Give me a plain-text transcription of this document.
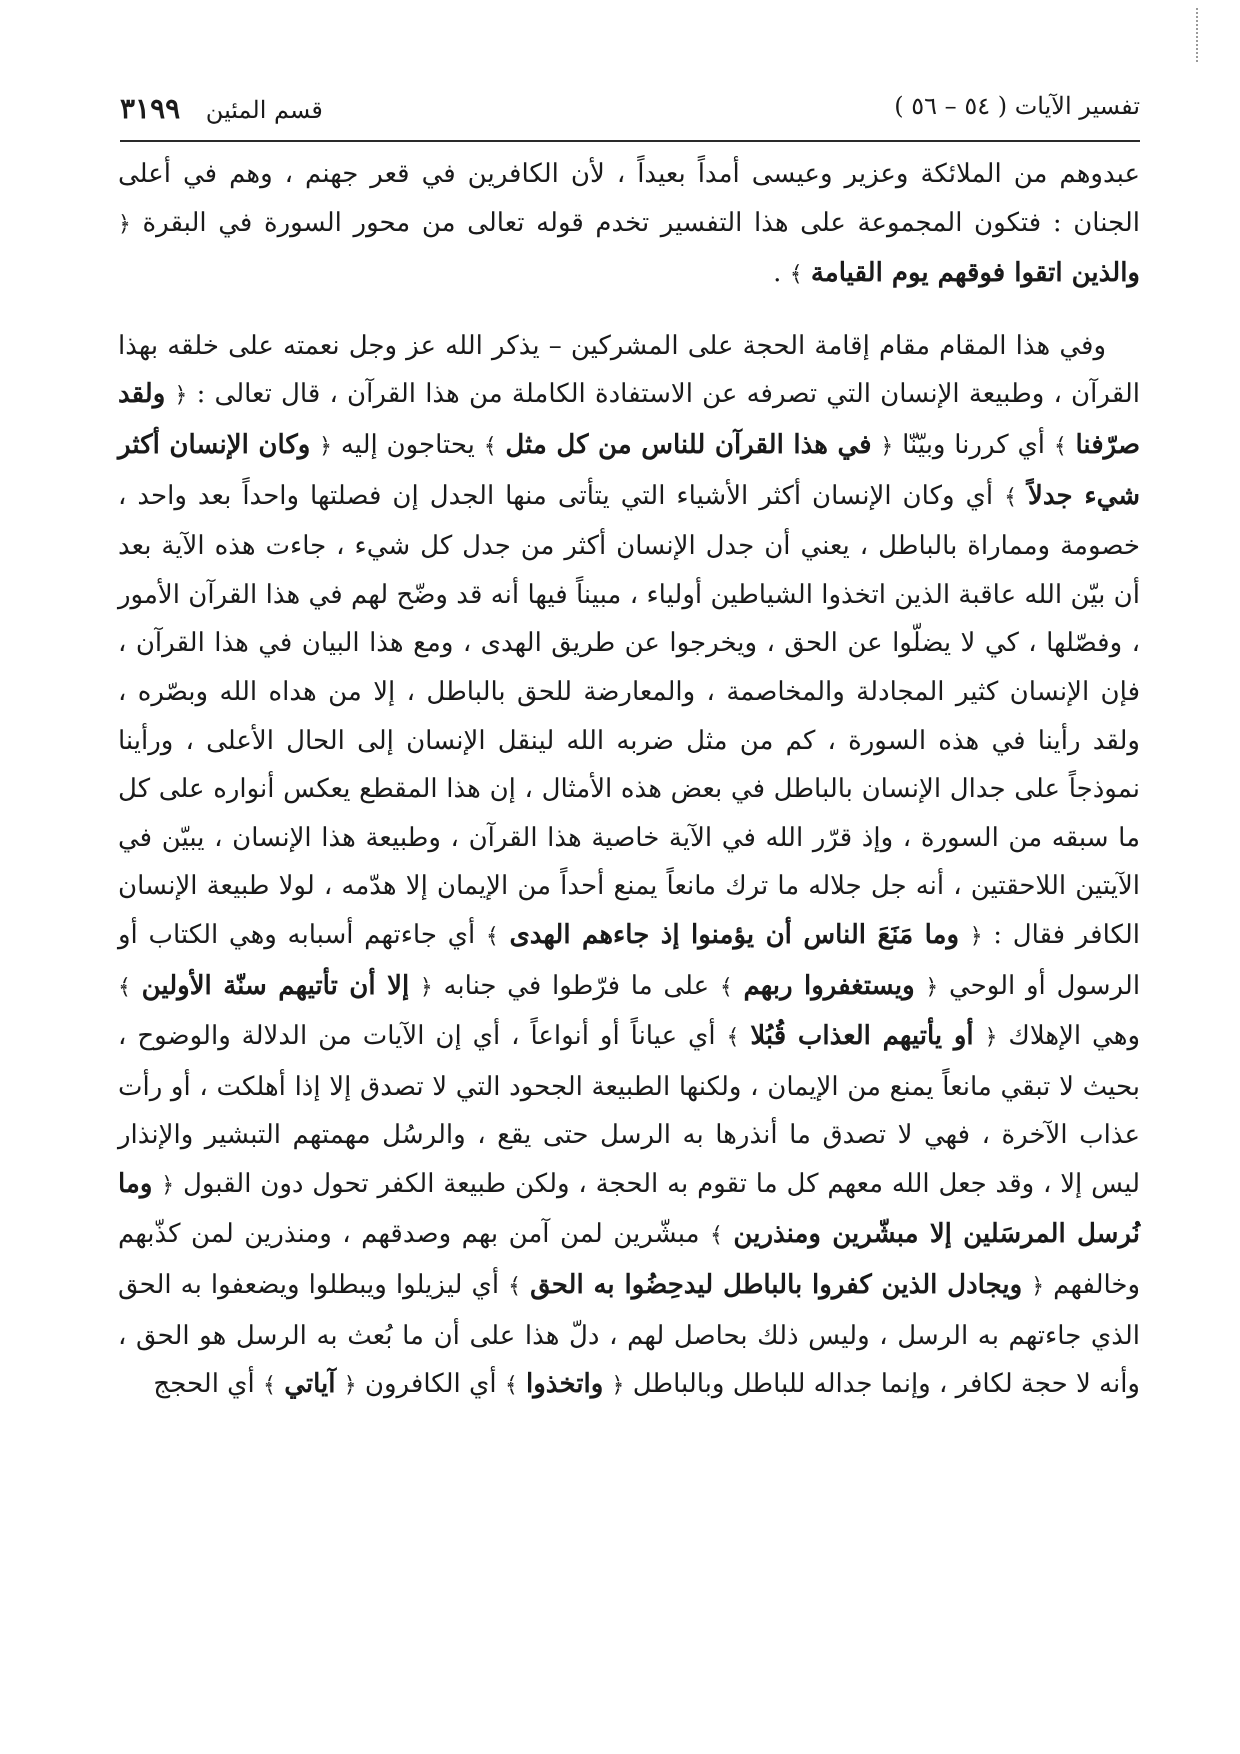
تفسير الآيات ( ٥٤ – ٥٦ )
قسم المئين ٣١٩٩

عبدوهم من الملائكة وعزير وعيسى أمداً بعيداً ، لأن الكافرين في قعر جهنم ، وهم في أعلى الجنان : فتكون المجموعة على هذا التفسير تخدم قوله تعالى من محور السورة في البقرة ﴿ والذين اتقوا فوقهم يوم القيامة ﴾ .

وفي هذا المقام مقام إقامة الحجة على المشركين – يذكر الله عز وجل نعمته على خلقه بهذا القرآن ، وطبيعة الإنسان التي تصرفه عن الاستفادة الكاملة من هذا القرآن ، قال تعالى : ﴿ ولقد صرّفنا ﴾ أي كررنا وبيّنّا ﴿ في هذا القرآن للناس من كل مثل ﴾ يحتاجون إليه ﴿ وكان الإنسان أكثر شيء جدلاً ﴾ أي وكان الإنسان أكثر الأشياء التي يتأتى منها الجدل إن فصلتها واحداً بعد واحد ، خصومة ومماراة بالباطل ، يعني أن جدل الإنسان أكثر من جدل كل شيء ، جاءت هذه الآية بعد أن بيّن الله عاقبة الذين اتخذوا الشياطين أولياء ، مبيناً فيها أنه قد وضّح لهم في هذا القرآن الأمور ، وفصّلها ، كي لا يضلّوا عن الحق ، ويخرجوا عن طريق الهدى ، ومع هذا البيان في هذا القرآن ، فإن الإنسان كثير المجادلة والمخاصمة ، والمعارضة للحق بالباطل ، إلا من هداه الله وبصّره ، ولقد رأينا في هذه السورة ، كم من مثل ضربه الله لينقل الإنسان إلى الحال الأعلى ، ورأينا نموذجاً على جدال الإنسان بالباطل في بعض هذه الأمثال ، إن هذا المقطع يعكس أنواره على كل ما سبقه من السورة ، وإذ قرّر الله في الآية خاصية هذا القرآن ، وطبيعة هذا الإنسان ، يبيّن في الآيتين اللاحقتين ، أنه جل جلاله ما ترك مانعاً يمنع أحداً من الإيمان إلا هدّمه ، لولا طبيعة الإنسان الكافر فقال : ﴿ وما مَنَعَ الناس أن يؤمنوا إذ جاءهم الهدى ﴾ أي جاءتهم أسبابه وهي الكتاب أو الرسول أو الوحي ﴿ ويستغفروا ربهم ﴾ على ما فرّطوا في جنابه ﴿ إلا أن تأتيهم سنّة الأولين ﴾ وهي الإهلاك ﴿ أو يأتيهم العذاب قُبُلا ﴾ أي عياناً أو أنواعاً ، أي إن الآيات من الدلالة والوضوح ، بحيث لا تبقي مانعاً يمنع من الإيمان ، ولكنها الطبيعة الجحود التي لا تصدق إلا إذا أهلكت ، أو رأت عذاب الآخرة ، فهي لا تصدق ما أنذرها به الرسل حتى يقع ، والرسُل مهمتهم التبشير والإنذار ليس إلا ، وقد جعل الله معهم كل ما تقوم به الحجة ، ولكن طبيعة الكفر تحول دون القبول ﴿ وما نُرسل المرسَلين إلا مبشّرين ومنذرين ﴾ مبشّرين لمن آمن بهم وصدقهم ، ومنذرين لمن كذّبهم وخالفهم ﴿ ويجادل الذين كفروا بالباطل ليدحِضُوا به الحق ﴾ أي ليزيلوا ويبطلوا ويضعفوا به الحق الذي جاءتهم به الرسل ، وليس ذلك بحاصل لهم ، دلّ هذا على أن ما بُعث به الرسل هو الحق ، وأنه لا حجة لكافر ، وإنما جداله للباطل وبالباطل ﴿ واتخذوا ﴾ أي الكافرون ﴿ آياتي ﴾ أي الحجج
